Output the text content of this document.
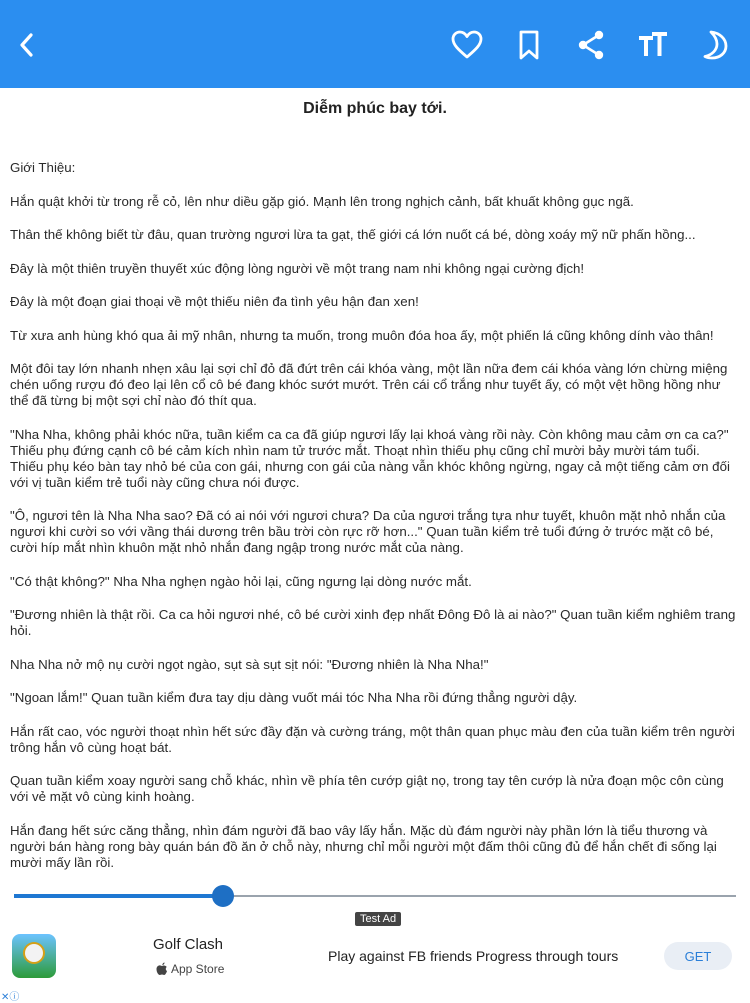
Diễm phúc bay tới.

Giới Thiệu:

Hắn quật khởi từ trong rễ cỏ, lên như diều gặp gió. Mạnh lên trong nghịch cảnh, bất khuất không gục ngã.

Thân thế không biết từ đâu, quan trường ngươi lừa ta gạt, thế giới cá lớn nuốt cá bé, dòng xoáy mỹ nữ phấn hồng...

Đây là một thiên truyền thuyết xúc động lòng người về một trang nam nhi không ngại cường địch!

Đây là một đoạn giai thoại về một thiếu niên đa tình yêu hận đan xen!

Từ xưa anh hùng khó qua ải mỹ nhân, nhưng ta muốn, trong muôn đóa hoa ấy, một phiến lá cũng không dính vào thân!

Một đôi tay lớn nhanh nhẹn xâu lại sợi chỉ đỏ đã đứt trên cái khóa vàng, một lần nữa đem cái khóa vàng lớn chừng miệng chén uống rượu đó đeo lại lên cổ cô bé đang khóc sướt mướt. Trên cái cổ trắng như tuyết ấy, có một vệt hồng hồng như thể đã từng bị một sợi chỉ nào đó thít qua.

"Nha Nha, không phải khóc nữa, tuần kiểm ca ca đã giúp ngươi lấy lại khoá vàng rồi này. Còn không mau cảm ơn ca ca?" Thiếu phụ đứng cạnh cô bé cảm kích nhìn nam tử trước mắt. Thoạt nhìn thiếu phụ cũng chỉ mười bảy mười tám tuổi. Thiếu phụ kéo bàn tay nhỏ bé của con gái, nhưng con gái của nàng vẫn khóc không ngừng, ngay cả một tiếng cảm ơn đối với vị tuần kiểm trẻ tuổi này cũng chưa nói được.

"Ô, ngươi tên là Nha Nha sao? Đã có ai nói với ngươi chưa? Da của ngươi trắng tựa như tuyết, khuôn mặt nhỏ nhắn của ngươi khi cười so với vầng thái dương trên bầu trời còn rực rỡ hơn..." Quan tuần kiểm trẻ tuổi đứng ở trước mặt cô bé, cười híp mắt nhìn khuôn mặt nhỏ nhắn đang ngập trong nước mắt của nàng.

"Có thật không?" Nha Nha nghẹn ngào hỏi lại, cũng ngưng lại dòng nước mắt.

"Đương nhiên là thật rồi. Ca ca hỏi ngươi nhé, cô bé cười xinh đẹp nhất Đông Đô là ai nào?" Quan tuần kiểm nghiêm trang hỏi.

Nha Nha nở mộ nụ cười ngọt ngào, sụt sà sụt sịt nói: "Đương nhiên là Nha Nha!"

"Ngoan lắm!" Quan tuần kiểm đưa tay dịu dàng vuốt mái tóc Nha Nha rồi đứng thẳng người dậy.

Hắn rất cao, vóc người thoạt nhìn hết sức đầy đặn và cường tráng, một thân quan phục màu đen của tuần kiểm trên người trông hắn vô cùng hoạt bát.

Quan tuần kiểm xoay người sang chỗ khác, nhìn về phía tên cướp giật nọ, trong tay tên cướp là nửa đoạn mộc côn cùng với vẻ mặt vô cùng kinh hoàng.

Hắn đang hết sức căng thẳng, nhìn đám người đã bao vây lấy hắn. Mặc dù đám người này phần lớn là tiểu thương và người bán hàng rong bày quán bán đồ ăn ở chỗ này, nhưng chỉ mỗi người một đấm thôi cũng đủ để hắn chết đi sống lại mười mấy lần rồi.

Test Ad
Golf Clash
App Store
Play against FB friends Progress through tours	GET
✕ⓘ
